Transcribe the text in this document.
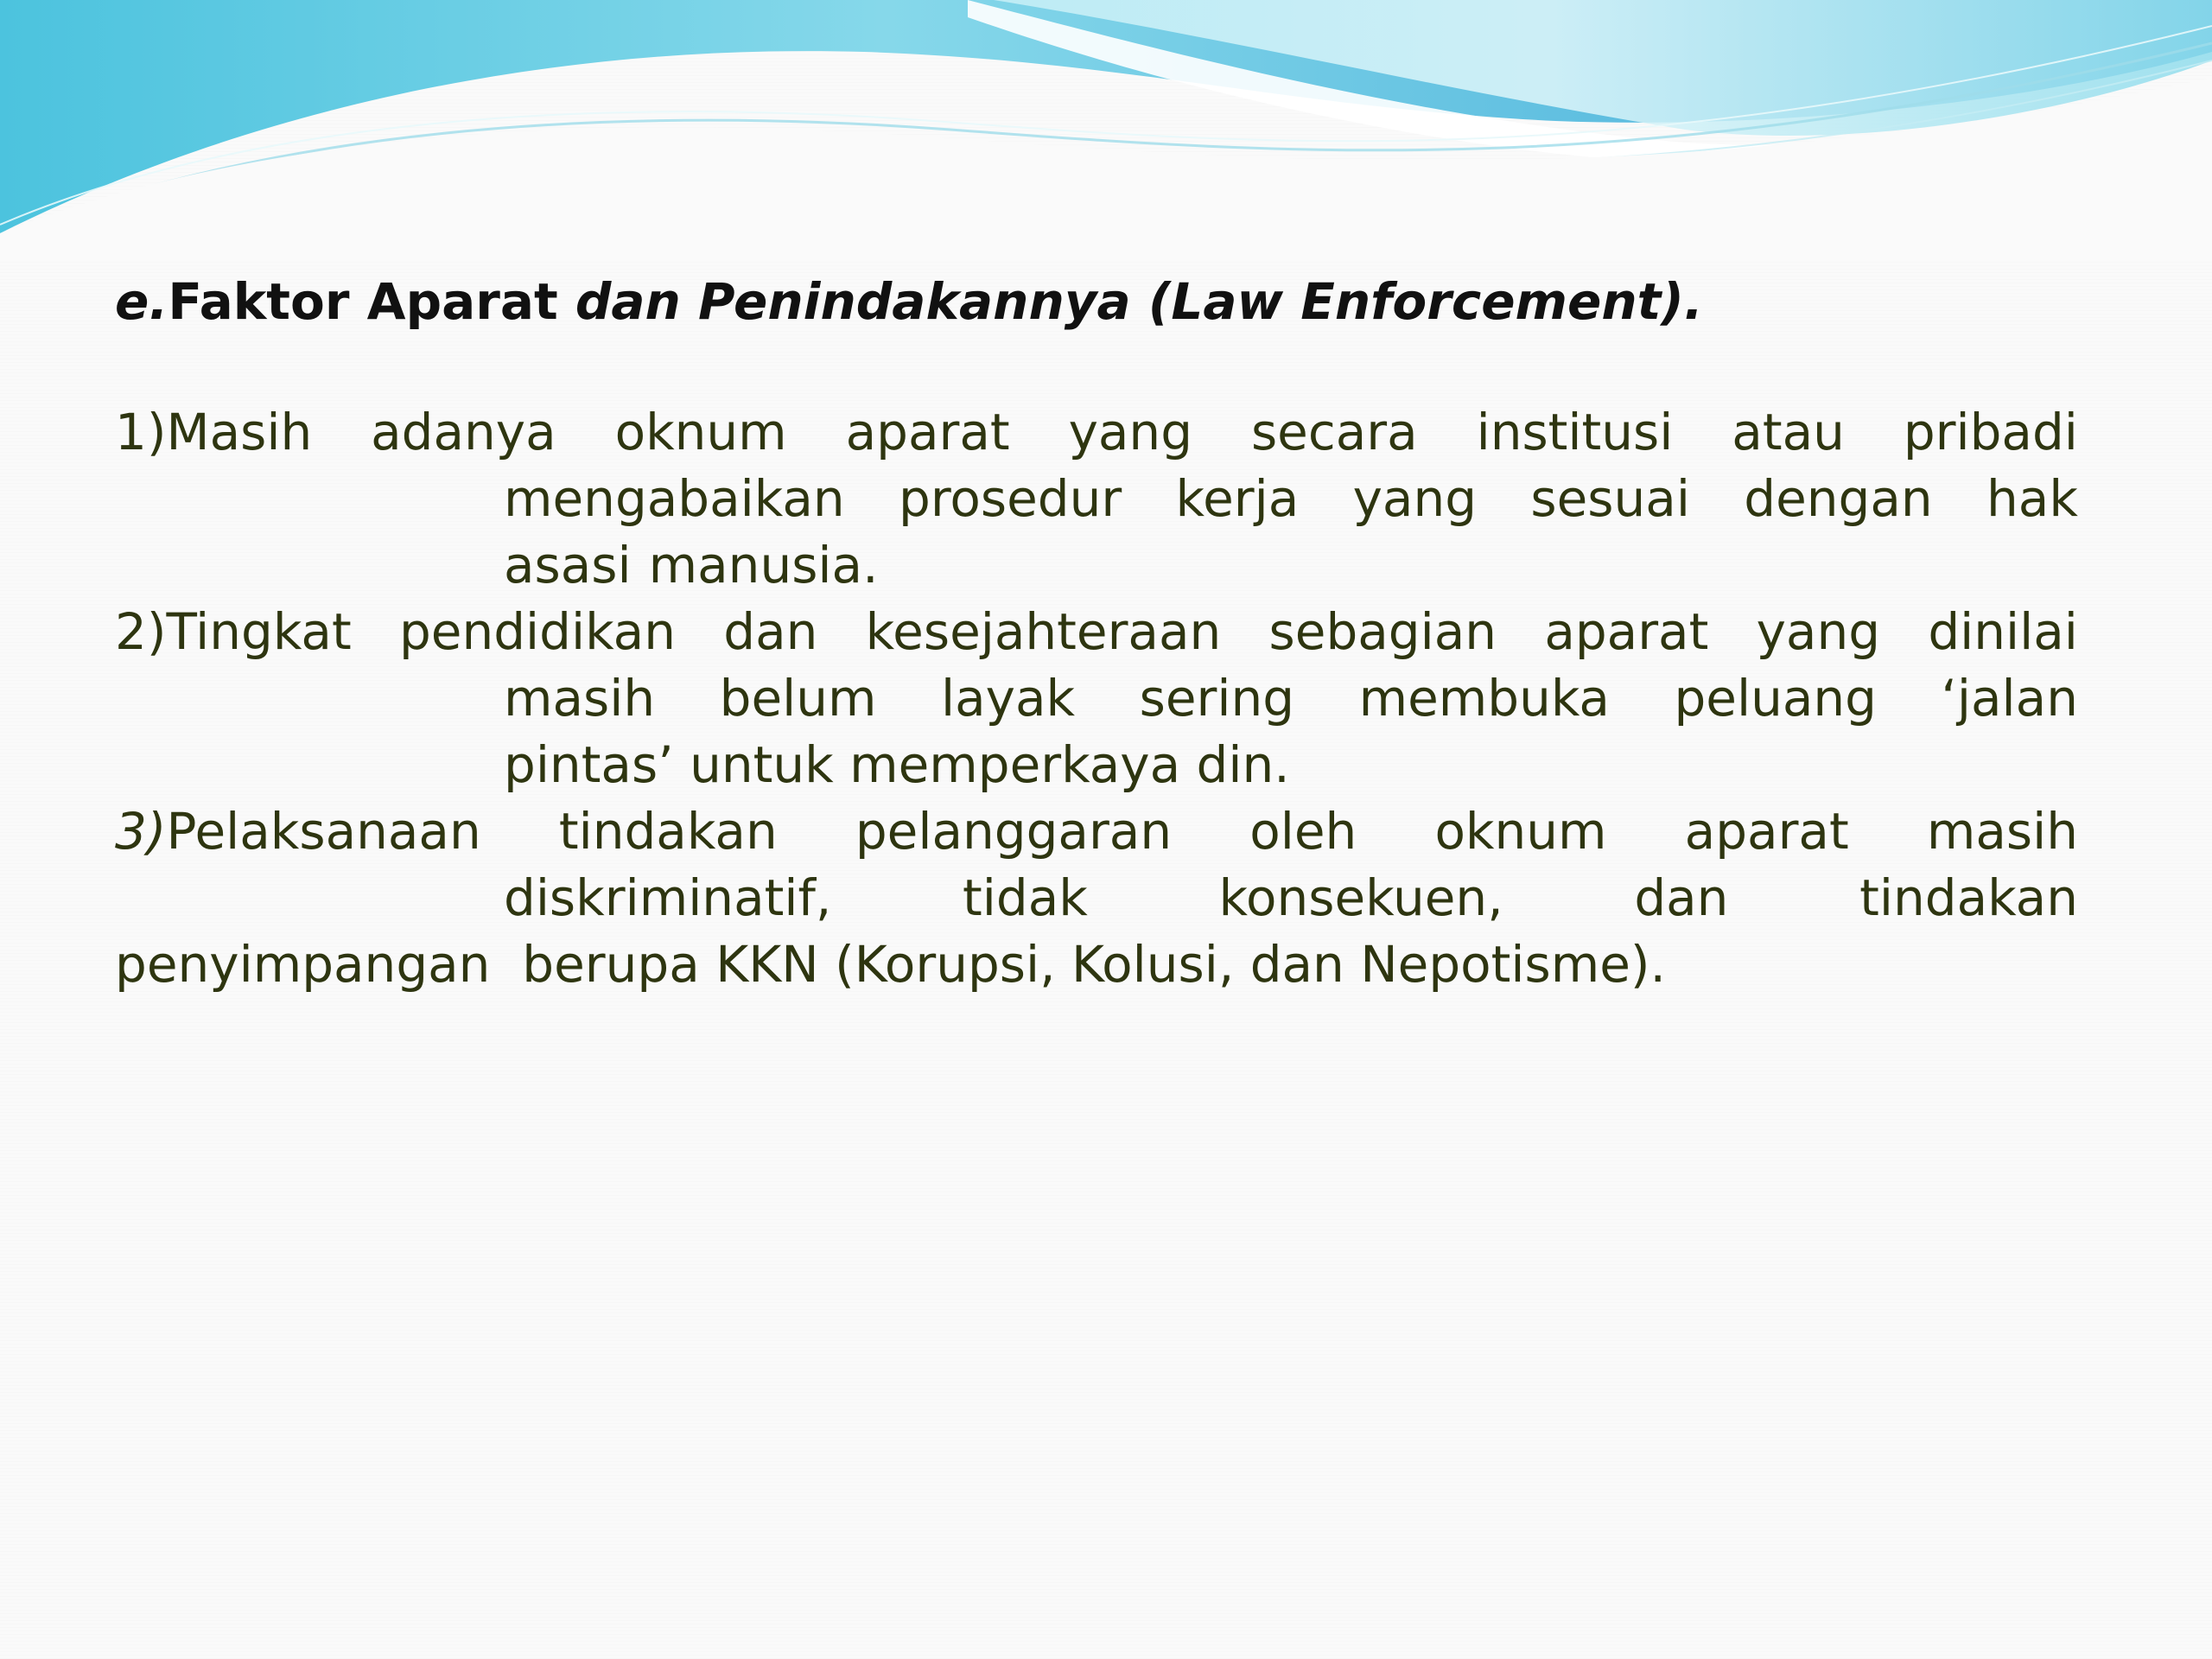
e.Faktor Aparat dan Penindakannya (Law Enforcement).
1)Masih adanya oknum aparat yang secara institusi atau pribadi
mengabaikan prosedur kerja yang sesuai dengan hak
asasi manusia.
2)Tingkat pendidikan dan kesejahteraan sebagian aparat yang dinilai
masih belum layak sering membuka peluang ‘jalan
pintas’ untuk memperkaya din.
3)Pelaksanaan tindakan pelanggaran oleh oknum aparat masih
diskriminatif,	tidak	konsekuen,	dan	tindakan
penyimpangan  berupa KKN (Korupsi, Kolusi, dan Nepotisme).
